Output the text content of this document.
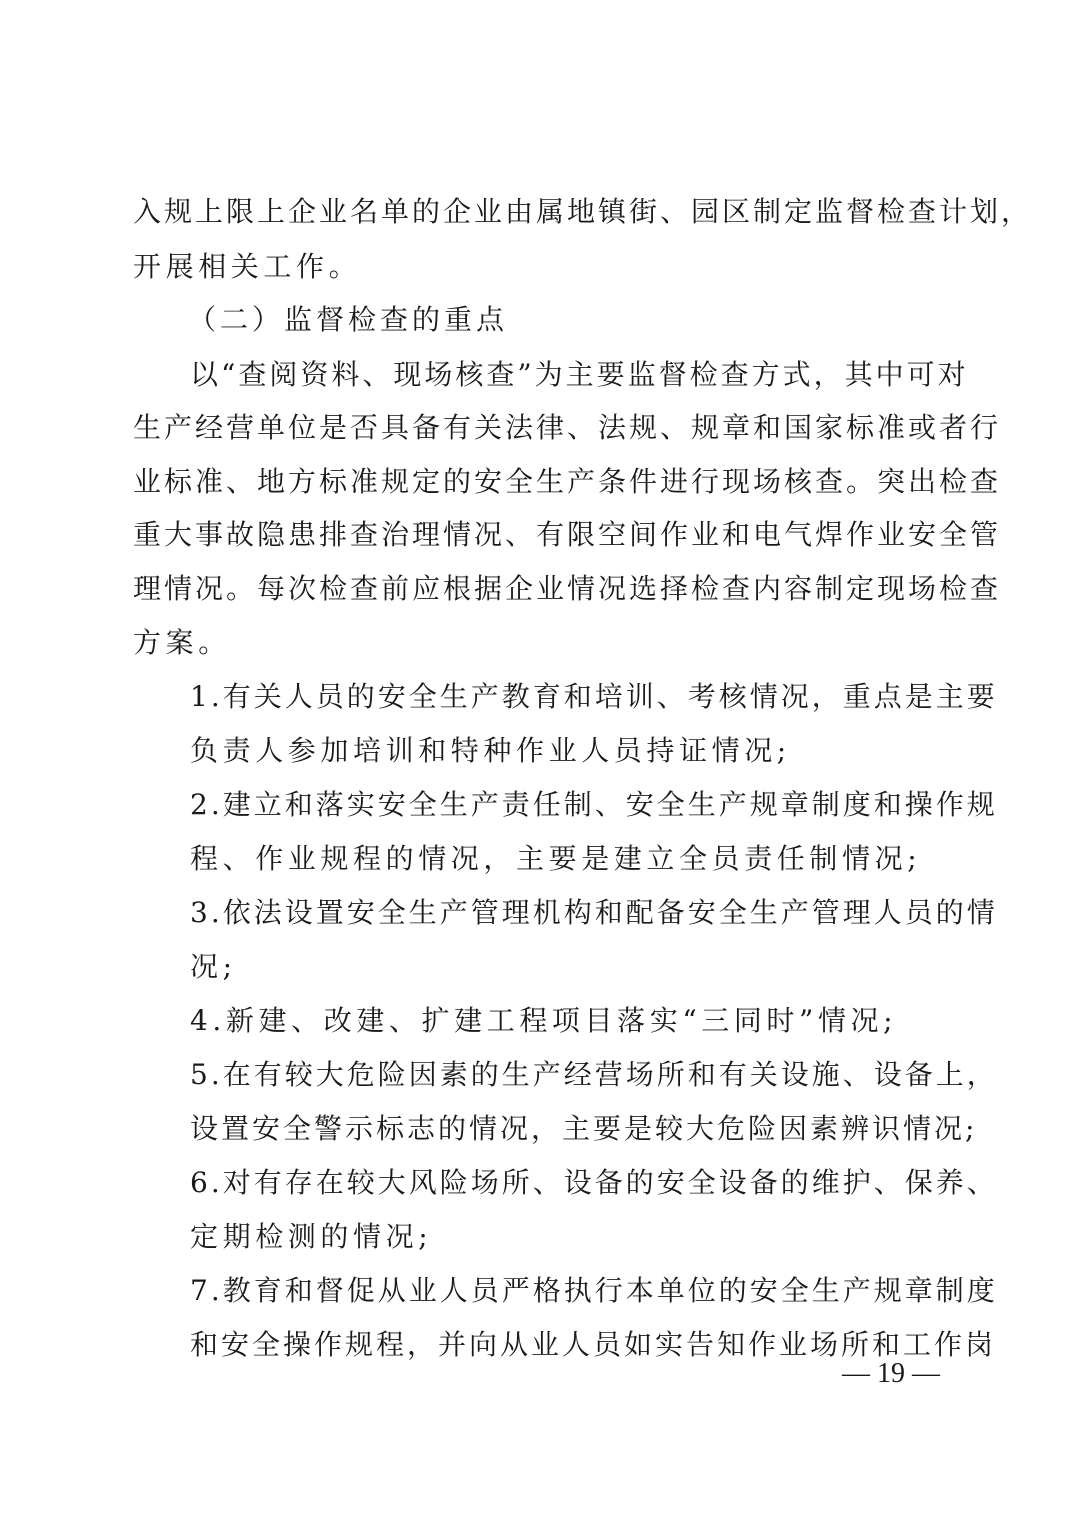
入规上限上企业名单的企业由属地镇街、园区制定监督检查计划，
开展相关工作。
（二）监督检查的重点
以“查阅资料、现场核查”为主要监督检查方式，其中可对
生产经营单位是否具备有关法律、法规、规章和国家标准或者行
业标准、地方标准规定的安全生产条件进行现场核查。突出检查
重大事故隐患排查治理情况、有限空间作业和电气焊作业安全管
理情况。每次检查前应根据企业情况选择检查内容制定现场检查
方案。
1.有关人员的安全生产教育和培训、考核情况，重点是主要
负责人参加培训和特种作业人员持证情况;
2.建立和落实安全生产责任制、安全生产规章制度和操作规
程、作业规程的情况，主要是建立全员责任制情况;
3.依法设置安全生产管理机构和配备安全生产管理人员的情
况;
4.新建、改建、扩建工程项目落实“三同时”情况;
5.在有较大危险因素的生产经营场所和有关设施、设备上，
设置安全警示标志的情况，主要是较大危险因素辨识情况;
6.对有存在较大风险场所、设备的安全设备的维护、保养、
定期检测的情况;
7.教育和督促从业人员严格执行本单位的安全生产规章制度
和安全操作规程，并向从业人员如实告知作业场所和工作岗
— 19 —
